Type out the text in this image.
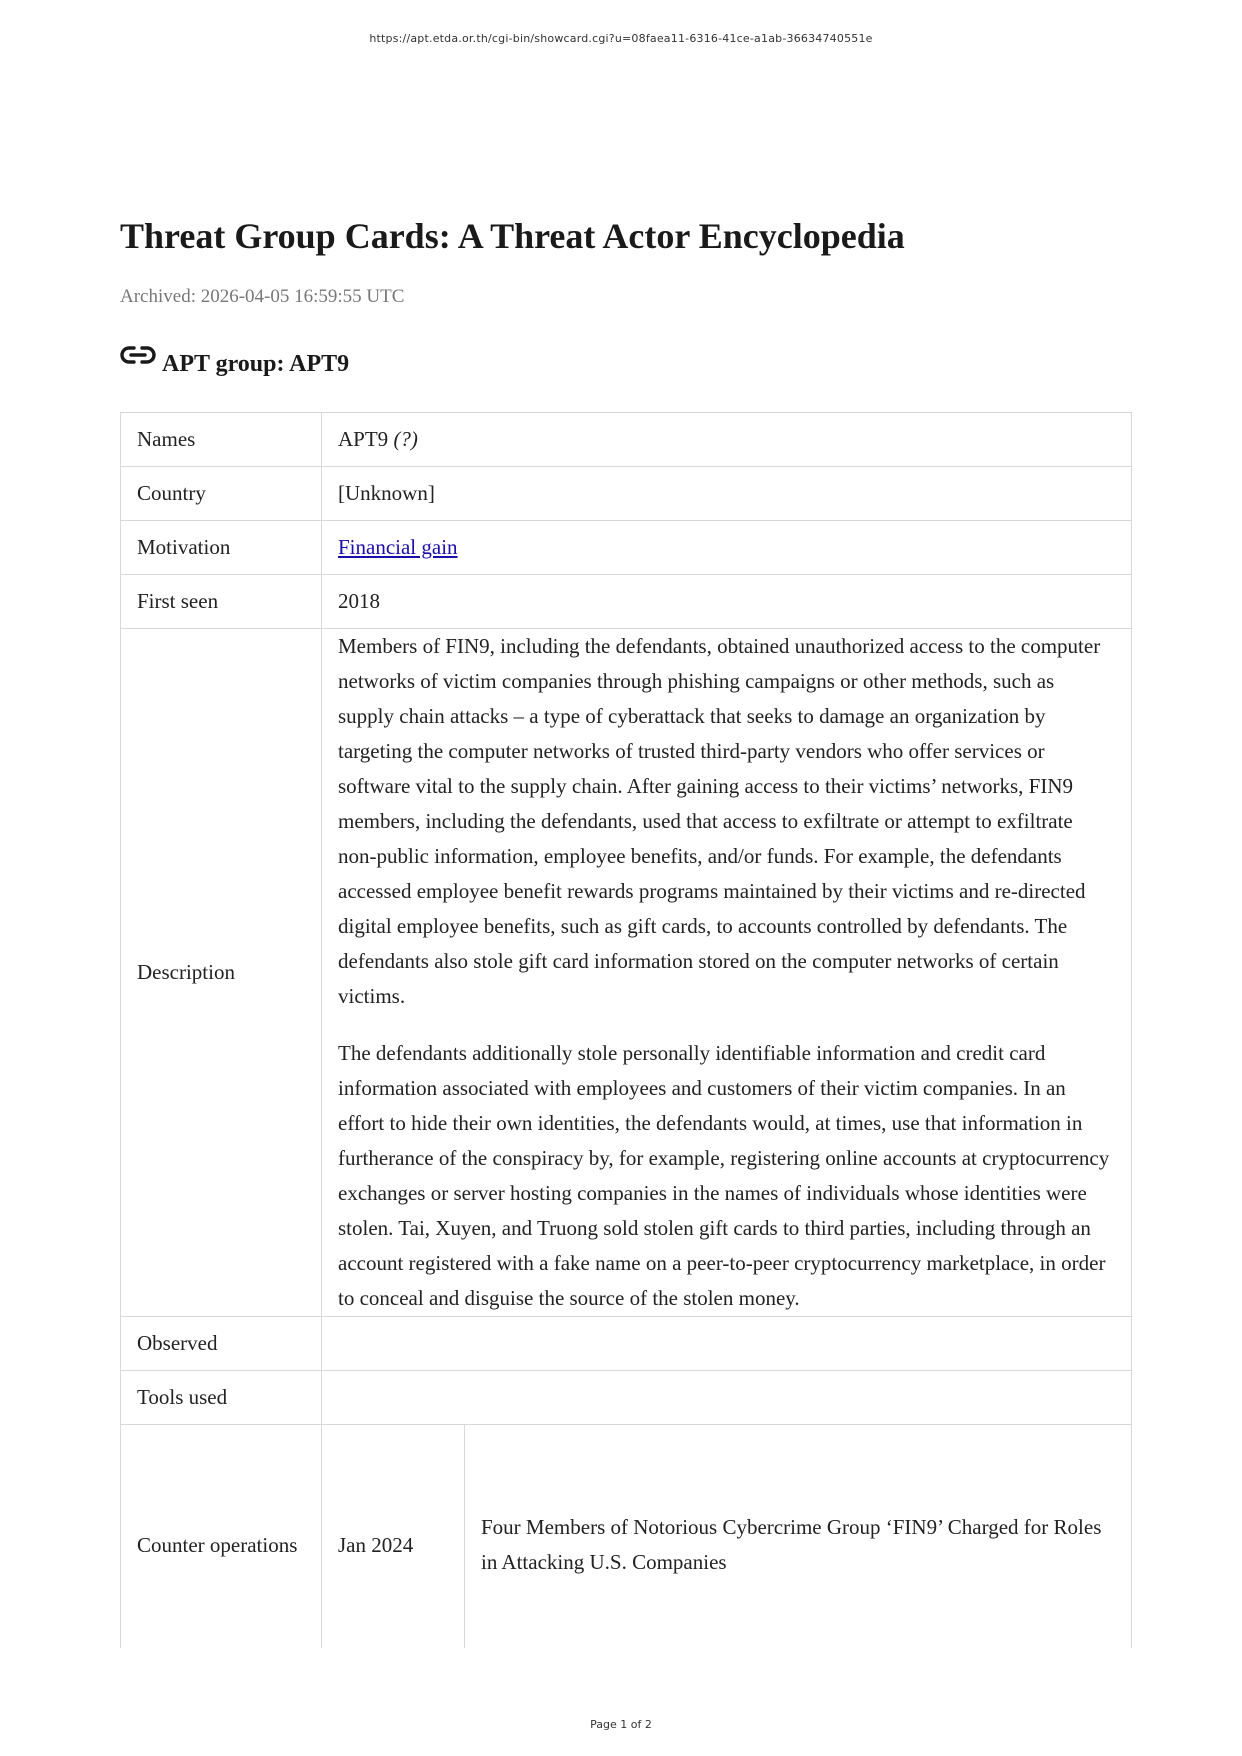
https://apt.etda.or.th/cgi-bin/showcard.cgi?u=08faea11-6316-41ce-a1ab-36634740551e
Threat Group Cards: A Threat Actor Encyclopedia
Archived: 2026-04-05 16:59:55 UTC
APT group: APT9
Names	APT9 (?)	
Country	[Unknown]	
Motivation	Financial gain	
First seen	2018	
Description	Members of FIN9, including the defendants, obtained unauthorized access to the computer networks of victim companies through phishing campaigns or other methods, such as supply chain attacks – a type of cyberattack that seeks to damage an organization by targeting the computer networks of trusted third-party vendors who offer services or software vital to the supply chain. After gaining access to their victims’ networks, FIN9 members, including the defendants, used that access to exfiltrate or attempt to exfiltrate non-public information, employee benefits, and/or funds. For example, the defendants accessed employee benefit rewards programs maintained by their victims and re-directed digital employee benefits, such as gift cards, to accounts controlled by defendants. The defendants also stole gift card information stored on the computer networks of certain victims.

The defendants additionally stole personally identifiable information and credit card information associated with employees and customers of their victim companies. In an effort to hide their own identities, the defendants would, at times, use that information in furtherance of the conspiracy by, for example, registering online accounts at cryptocurrency exchanges or server hosting companies in the names of individuals whose identities were stolen. Tai, Xuyen, and Truong sold stolen gift cards to third parties, including through an account registered with a fake name on a peer-to-peer cryptocurrency marketplace, in order to conceal and disguise the source of the stolen money.	

Observed		
Tools used		
Counter operations	Jan 2024	Four Members of Notorious Cybercrime Group ‘FIN9’ Charged for Roles in Attacking U.S. Companies
Page 1 of 2
